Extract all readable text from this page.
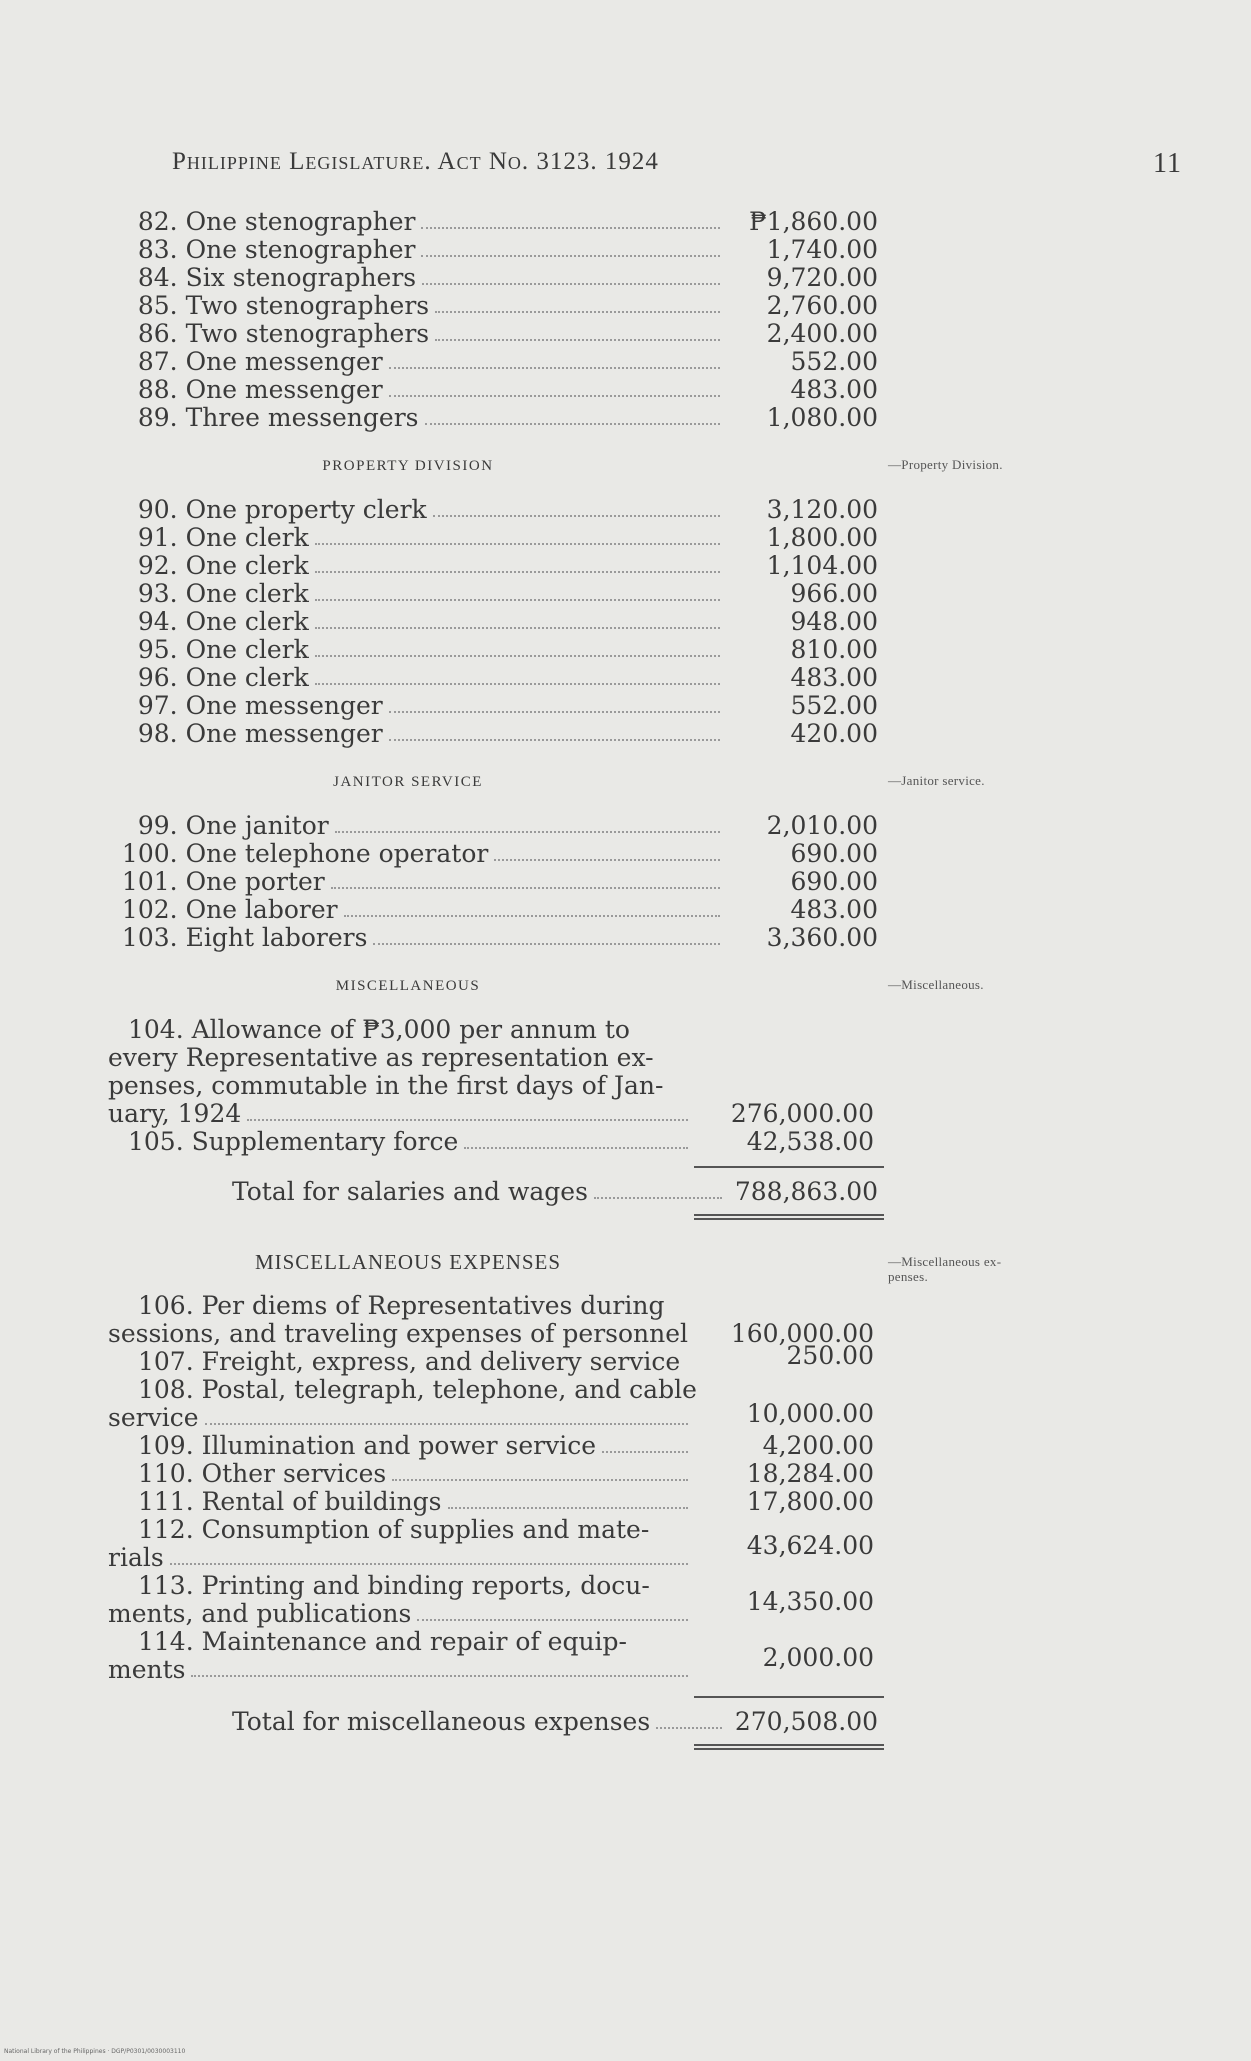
Philippine Legislature. Act No. 3123. 1924	11
82. One stenographer	₱1,860.00
83. One stenographer	1,740.00
84. Six stenographers	9,720.00
85. Two stenographers	2,760.00
86. Two stenographers	2,400.00
87. One messenger	552.00
88. One messenger	483.00
89. Three messengers	1,080.00
PROPERTY DIVISION	—Property Division.
90. One property clerk	3,120.00
91. One clerk	1,800.00
92. One clerk	1,104.00
93. One clerk	966.00
94. One clerk	948.00
95. One clerk	810.00
96. One clerk	483.00
97. One messenger	552.00
98. One messenger	420.00
JANITOR SERVICE	—Janitor service.
99. One janitor	2,010.00
100. One telephone operator	690.00
101. One porter	690.00
102. One laborer	483.00
103. Eight laborers	3,360.00
MISCELLANEOUS	—Miscellaneous.
104. Allowance of ₱3,000 per annum to
every Representative as representation ex-
penses, commutable in the first days of Jan-
uary, 1924	276,000.00
105. Supplementary force	42,538.00
Total for salaries and wages	788,863.00
MISCELLANEOUS EXPENSES	—Miscellaneous ex-
penses.
106. Per diems of Representatives during
sessions, and traveling expenses of personnel	160,000.00
107. Freight, express, and delivery service	250.00
108. Postal, telegraph, telephone, and cable
service	10,000.00
109. Illumination and power service	4,200.00
110. Other services	18,284.00
111. Rental of buildings	17,800.00
112. Consumption of supplies and mate-
rials	43,624.00
113. Printing and binding reports, docu-
ments, and publications	14,350.00
114. Maintenance and repair of equip-
ments	2,000.00
Total for miscellaneous expenses	270,508.00
National Library of the Philippines · DGP/P0301/0030003110
